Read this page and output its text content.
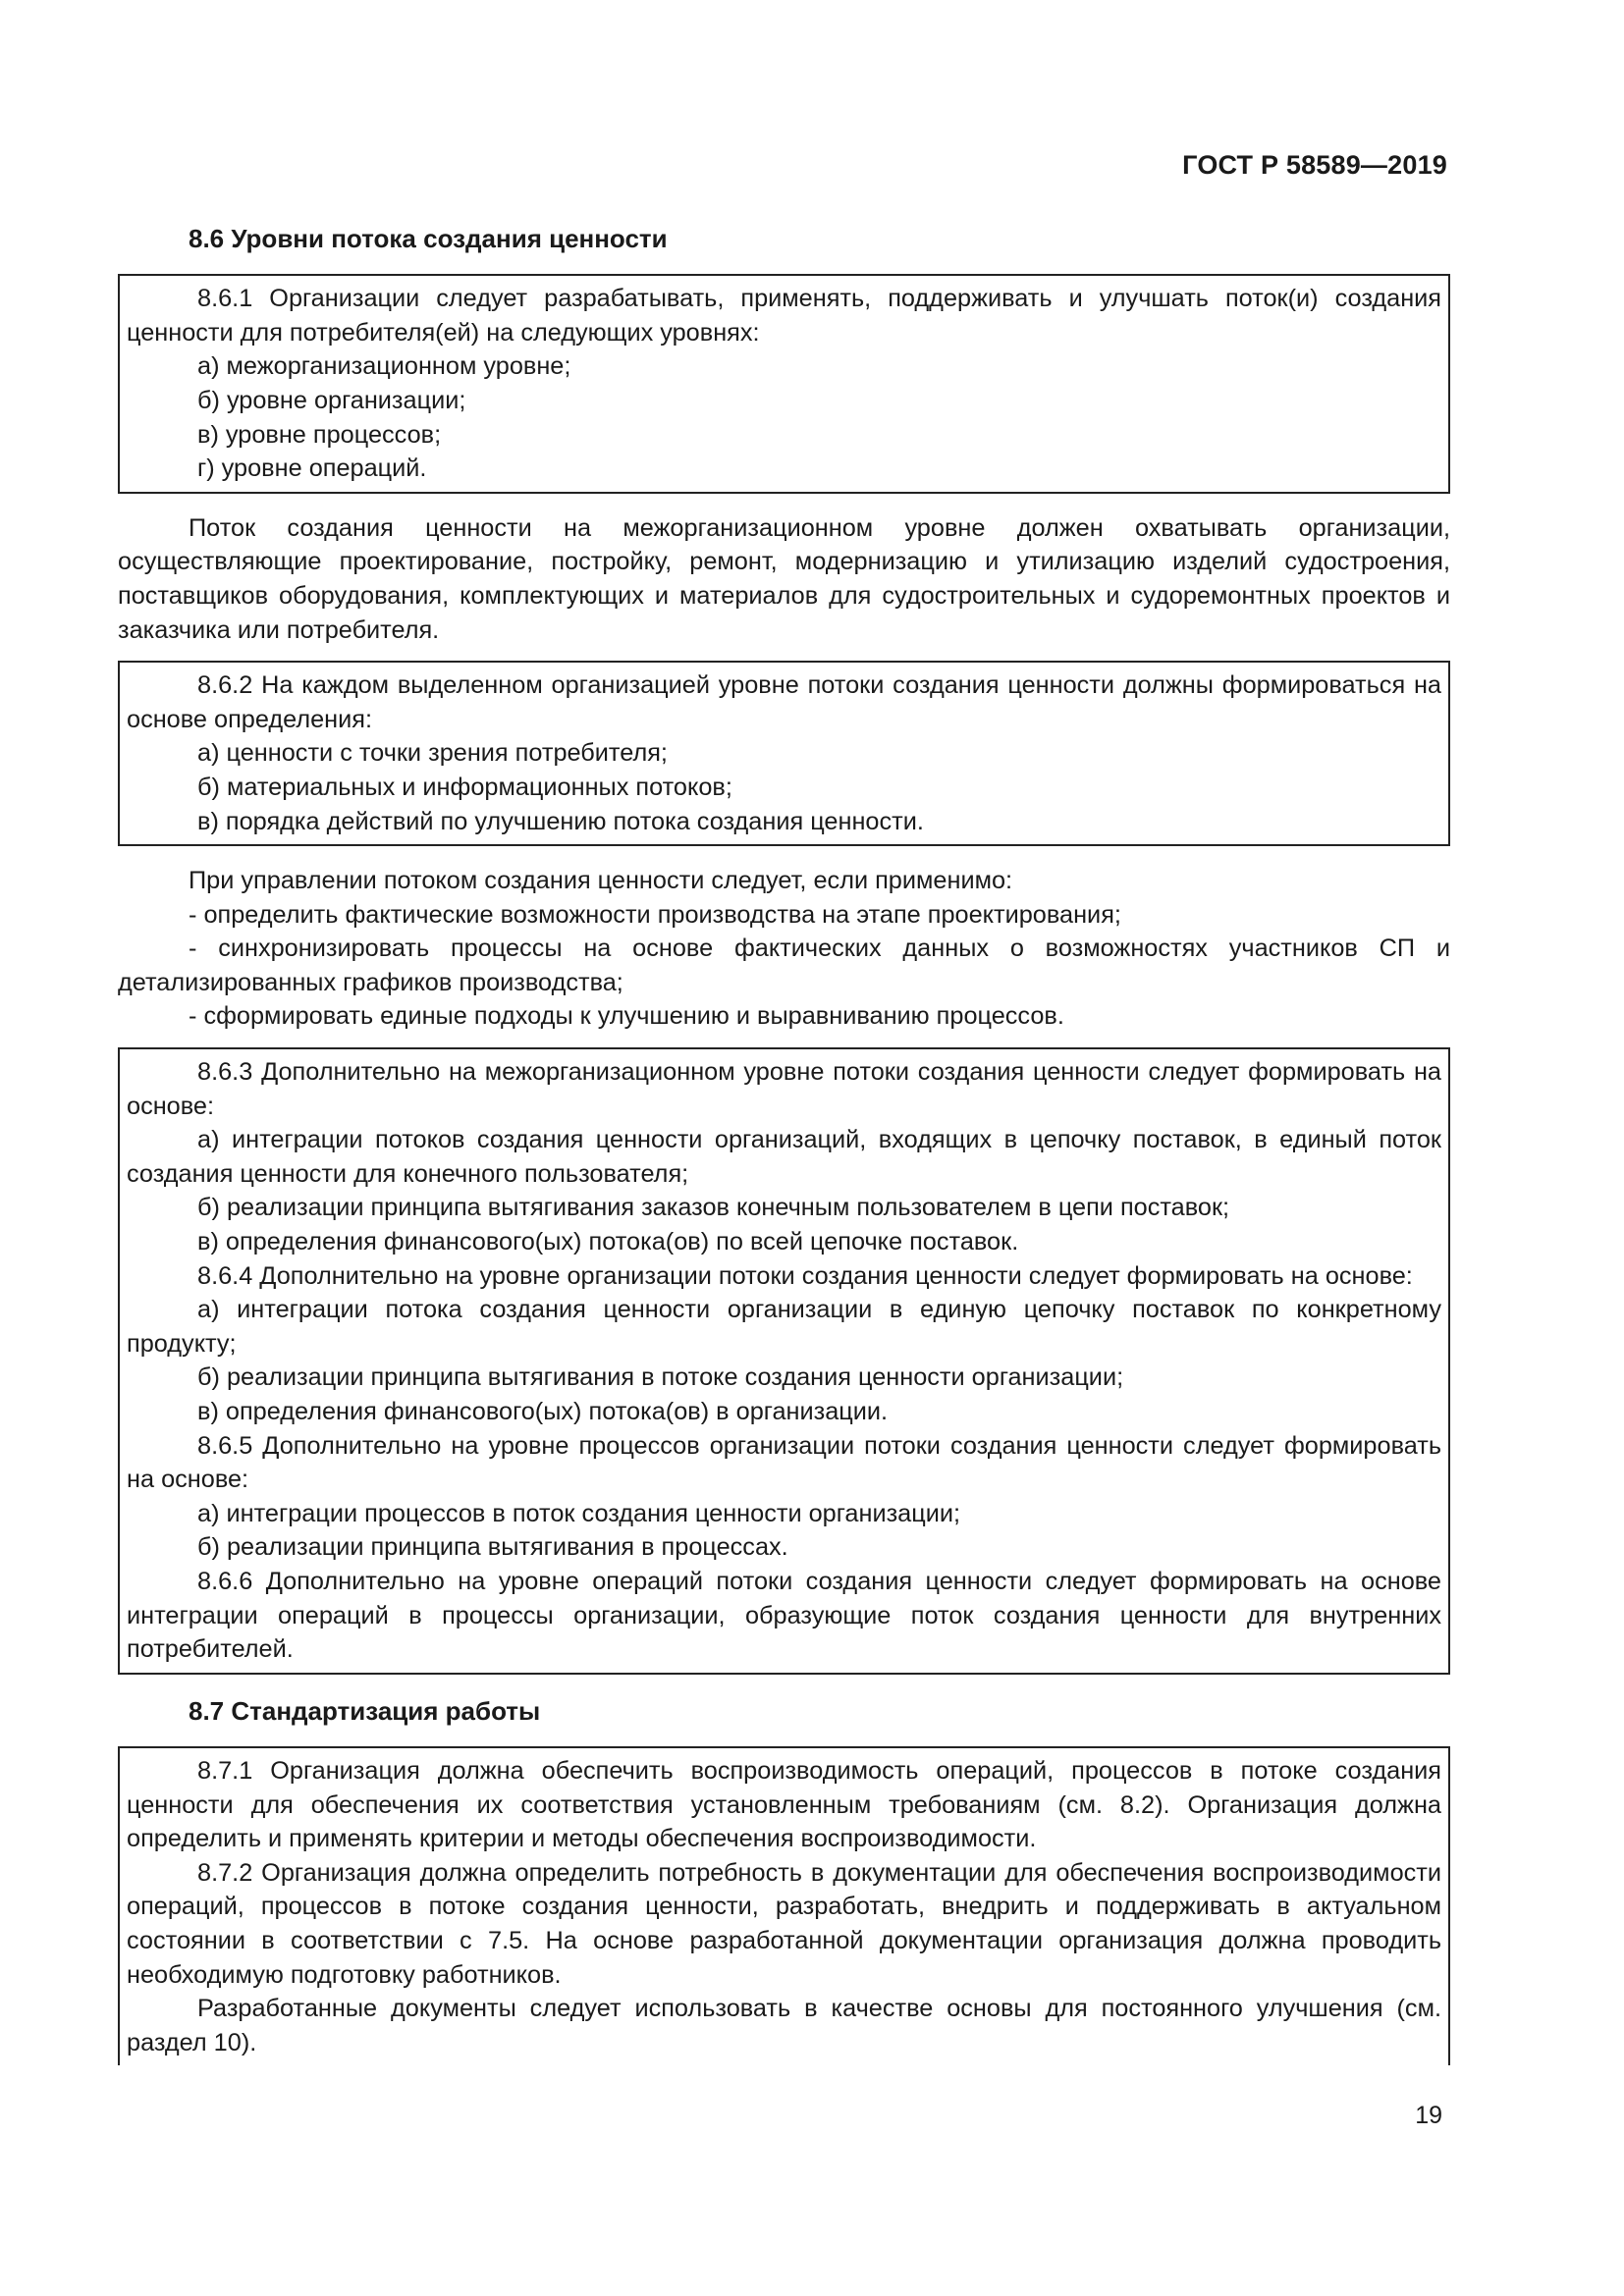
ГОСТ Р 58589—2019
8.6 Уровни потока создания ценности

8.6.1 Организации следует разрабатывать, применять, поддерживать и улучшать поток(и) создания ценности для потребителя(ей) на следующих уровнях:

а) межорганизационном уровне;

б) уровне организации;

в) уровне процессов;

г) уровне операций.

Поток создания ценности на межорганизационном уровне должен охватывать организации, осуществляющие проектирование, постройку, ремонт, модернизацию и утилизацию изделий судостроения, поставщиков оборудования, комплектующих и материалов для судостроительных и судоремонтных проектов и заказчика или потребителя.

8.6.2 На каждом выделенном организацией уровне потоки создания ценности должны формироваться на основе определения:

а) ценности с точки зрения потребителя;

б) материальных и информационных потоков;

в) порядка действий по улучшению потока создания ценности.

При управлении потоком создания ценности следует, если применимо:

- определить фактические возможности производства на этапе проектирования;

- синхронизировать процессы на основе фактических данных о возможностях участников СП и детализированных графиков производства;

- сформировать единые подходы к улучшению и выравниванию процессов.

8.6.3 Дополнительно на межорганизационном уровне потоки создания ценности следует формировать на основе:

а) интеграции потоков создания ценности организаций, входящих в цепочку поставок, в единый поток создания ценности для конечного пользователя;

б) реализации принципа вытягивания заказов конечным пользователем в цепи поставок;

в) определения финансового(ых) потока(ов) по всей цепочке поставок.

8.6.4 Дополнительно на уровне организации потоки создания ценности следует формировать на основе:

а) интеграции потока создания ценности организации в единую цепочку поставок по конкретному продукту;

б) реализации принципа вытягивания в потоке создания ценности организации;

в) определения финансового(ых) потока(ов) в организации.

8.6.5 Дополнительно на уровне процессов организации потоки создания ценности следует формировать на основе:

а) интеграции процессов в поток создания ценности организации;

б) реализации принципа вытягивания в процессах.

8.6.6 Дополнительно на уровне операций потоки создания ценности следует формировать на основе интеграции операций в процессы организации, образующие поток создания ценности для внутренних потребителей.

8.7 Стандартизация работы

8.7.1 Организация должна обеспечить воспроизводимость операций, процессов в потоке создания ценности для обеспечения их соответствия установленным требованиям (см. 8.2). Организация должна определить и применять критерии и методы обеспечения воспроизводимости.

8.7.2 Организация должна определить потребность в документации для обеспечения воспроизводимости операций, процессов в потоке создания ценности, разработать, внедрить и поддерживать в актуальном состоянии в соответствии с 7.5. На основе разработанной документации организация должна проводить необходимую подготовку работников.

Разработанные документы следует использовать в качестве основы для постоянного улучшения (см. раздел 10).

19
